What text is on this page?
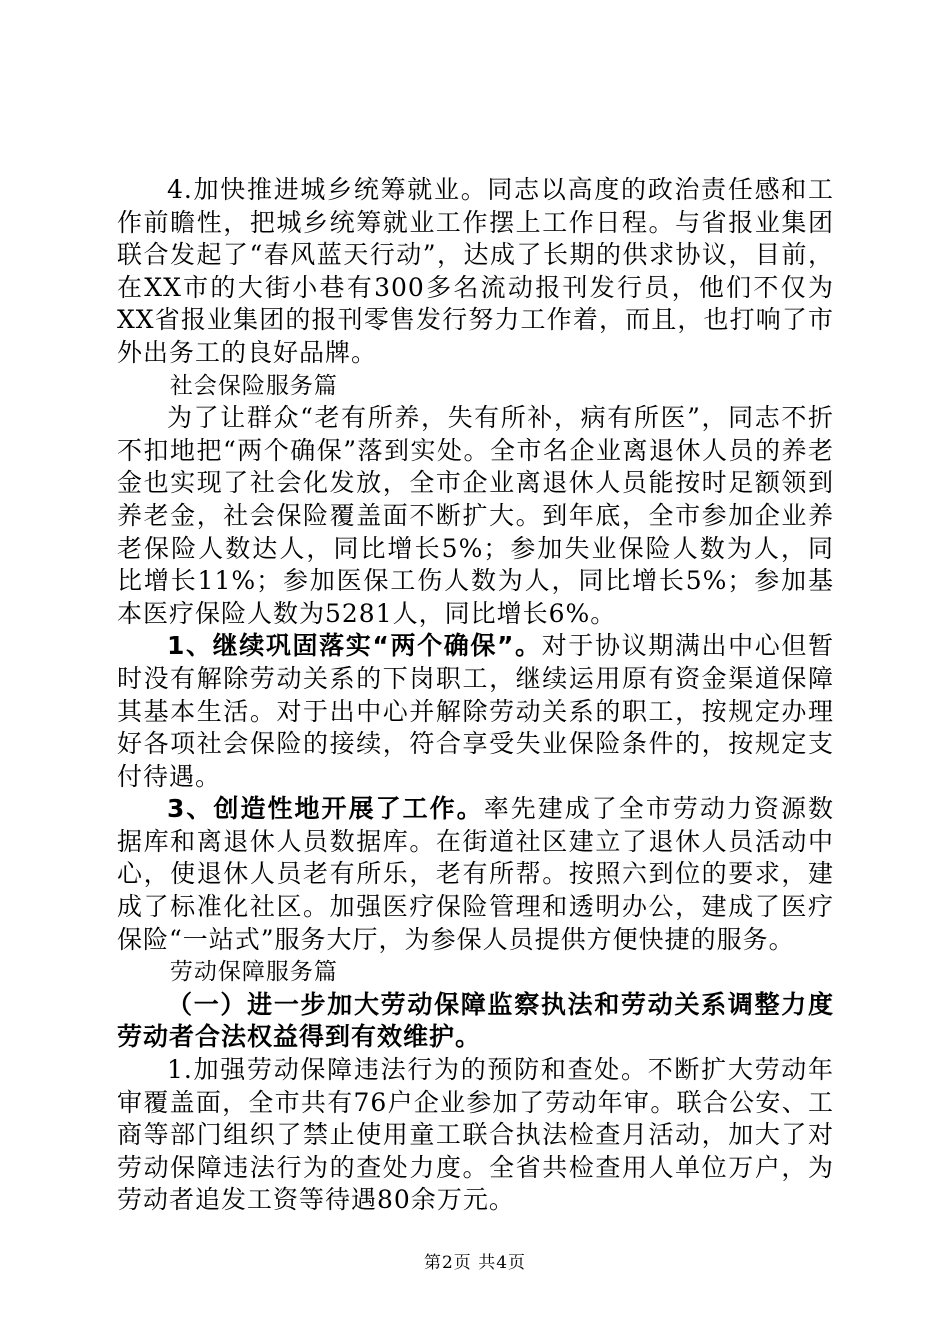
4.加快推进城乡统筹就业。同志以高度的政治责任感和工作前瞻性，把城乡统筹就业工作摆上工作日程。与省报业集团联合发起了“春风蓝天行动”，达成了长期的供求协议，目前，在XX市的大街小巷有300多名流动报刊发行员，他们不仅为XX省报业集团的报刊零售发行努力工作着，而且，也打响了市外出务工的良好品牌。

社会保险服务篇

为了让群众“老有所养，失有所补，病有所医”，同志不折不扣地把“两个确保”落到实处。全市名企业离退休人员的养老金也实现了社会化发放，全市企业离退休人员能按时足额领到养老金，社会保险覆盖面不断扩大。到年底，全市参加企业养老保险人数达人，同比增长5%；参加失业保险人数为人，同比增长11%；参加医保工伤人数为人，同比增长5%；参加基本医疗保险人数为5281人，同比增长6%。

1、继续巩固落实“两个确保”。对于协议期满出中心但暂时没有解除劳动关系的下岗职工，继续运用原有资金渠道保障其基本生活。对于出中心并解除劳动关系的职工，按规定办理好各项社会保险的接续，符合享受失业保险条件的，按规定支付待遇。

3、创造性地开展了工作。率先建成了全市劳动力资源数据库和离退休人员数据库。在街道社区建立了退休人员活动中心，使退休人员老有所乐，老有所帮。按照六到位的要求，建成了标准化社区。加强医疗保险管理和透明办公，建成了医疗保险“一站式”服务大厅，为参保人员提供方便快捷的服务。

劳动保障服务篇

（一）进一步加大劳动保障监察执法和劳动关系调整力度劳动者合法权益得到有效维护。

1.加强劳动保障违法行为的预防和查处。不断扩大劳动年审覆盖面，全市共有76户企业参加了劳动年审。联合公安、工商等部门组织了禁止使用童工联合执法检查月活动，加大了对劳动保障违法行为的查处力度。全省共检查用人单位万户，为劳动者追发工资等待遇80余万元。

第2页 共4页
